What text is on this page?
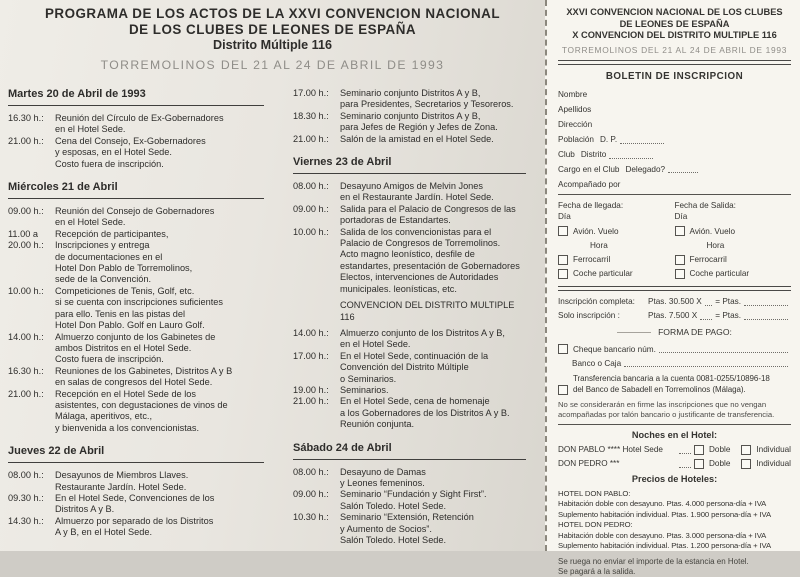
PROGRAMA DE LOS ACTOS DE LA XXVI CONVENCION NACIONAL
DE LOS CLUBES DE LEONES DE ESPAÑA
Distrito Múltiple 116
TORREMOLINOS DEL 21 AL 24 DE ABRIL DE 1993
Martes 20 de Abril de 1993
16.30 h.:	Reunión del Círculo de Ex-Gobernadores
en el Hotel Sede.
21.00 h.:	Cena del Consejo, Ex-Gobernadores
y esposas, en el Hotel Sede.
Costo fuera de inscripción.
Miércoles 21 de Abril
09.00 h.:	Reunión del Consejo de Gobernadores
en el Hotel Sede.
11.00 a	Recepción de participantes,
20.00 h.:	Inscripciones y entrega
de documentaciones en el
Hotel Don Pablo de Torremolinos,
sede de la Convención.
10.00 h.:	Competiciones de Tenis, Golf, etc.
si se cuenta con inscripciones suficientes
para ello. Tenis en las pistas del
Hotel Don Pablo. Golf en Lauro Golf.
14.00 h.:	Almuerzo conjunto de los Gabinetes de
ambos Distritos en el Hotel Sede.
Costo fuera de inscripción.
16.30 h.:	Reuniones de los Gabinetes, Distritos A y B
en salas de congresos del Hotel Sede.
21.00 h.:	Recepción en el Hotel Sede de los
asistentes, con degustaciones de vinos de
Málaga, aperitivos, etc.,
y bienvenida a los convencionistas.
Jueves 22 de Abril
08.00 h.:	Desayunos de Miembros Llaves.
Restaurante Jardín. Hotel Sede.
09.30 h.:	En el Hotel Sede, Convenciones de los
Distritos A y B.
14.30 h.:	Almuerzo por separado de los Distritos
A y B, en el Hotel Sede.
17.00 h.:	Seminario conjunto Distritos A y B,
para Presidentes, Secretarios y Tesoreros.
18.30 h.:	Seminario conjunto Distritos A y B,
para Jefes de Región y Jefes de Zona.
21.00 h.:	Salón de la amistad en el Hotel Sede.
Viernes 23 de Abril
08.00 h.:	Desayuno Amigos de Melvin Jones
en el Restaurante Jardín. Hotel Sede.
09.00 h.:	Salida para el Palacio de Congresos de las
portadoras de Estandartes.
10.00 h.:	Salida de los convencionistas para el
Palacio de Congresos de Torremolinos.
Acto magno leonístico, desfile de
estandartes, presentación de Gobernadores
Electos, intervenciones de Autoridades
municipales. leonísticas, etc.
CONVENCION DEL DISTRITO MULTIPLE
116
14.00 h.:	Almuerzo conjunto de los Distritos A y B,
en el Hotel Sede.
17.00 h.:	En el Hotel Sede, continuación de la
Convención del Distrito Múltiple
o Seminarios.
19.00 h.:	Seminarios.
21.00 h.:	En el Hotel Sede, cena de homenaje
a los Gobernadores de los Distritos A y B.
Reunión conjunta.
Sábado 24 de Abril
08.00 h.:	Desayuno de Damas
y Leones femeninos.
09.00 h.:	Seminario “Fundación y Sight First”.
Salón Toledo. Hotel Sede.
10.30 h.:	Seminario “Extensión, Retención
y Aumento de Socios”.
Salón Toledo. Hotel Sede.
XXVI CONVENCION NACIONAL DE LOS CLUBES
DE LEONES DE ESPAÑA
X CONVENCION DEL DISTRITO MULTIPLE 116
TORREMOLINOS DEL 21 AL 24 DE ABRIL DE 1993
BOLETIN DE INSCRIPCION
Nombre
Apellidos
Dirección
Población D. P.
Club Distrito
Cargo en el Club Delegado?
Acompañado por
Fecha de llegada:
Día
Avión. Vuelo
Hora
Ferrocarril
Coche particular
Fecha de Salida:
Día
Avión. Vuelo
Hora
Ferrocarril
Coche particular
Inscripción completa:	Ptas. 30.500 X = Ptas.
Solo inscripción :	Ptas. 7.500 X = Ptas.
FORMA DE PAGO:
Cheque bancario núm.
Banco o Caja
Transferencia bancaria a la cuenta 0081-0255/10896-18
del Banco de Sabadell en Torremolinos (Málaga).
No se considerarán en firme las inscripciones que no vengan
acompañadas por talón bancario o justificante de transferencia.
Noches en el Hotel:
DON PABLO **** Hotel Sede	Doble	Individual
DON PEDRO ***	Doble	Individual
Precios de Hoteles:
HOTEL DON PABLO:
Habitación doble con desayuno. Ptas. 4.000 persona-día + IVA
Suplemento habitación individual. Ptas. 1.900 persona-día + IVA
HOTEL DON PEDRO:
Habitación doble con desayuno. Ptas. 3.000 persona-día + IVA
Suplemento habitación individual. Ptas. 1.200 persona-día + IVA
Se ruega no enviar el importe de la estancia en Hotel.
Se pagará a la salida.
